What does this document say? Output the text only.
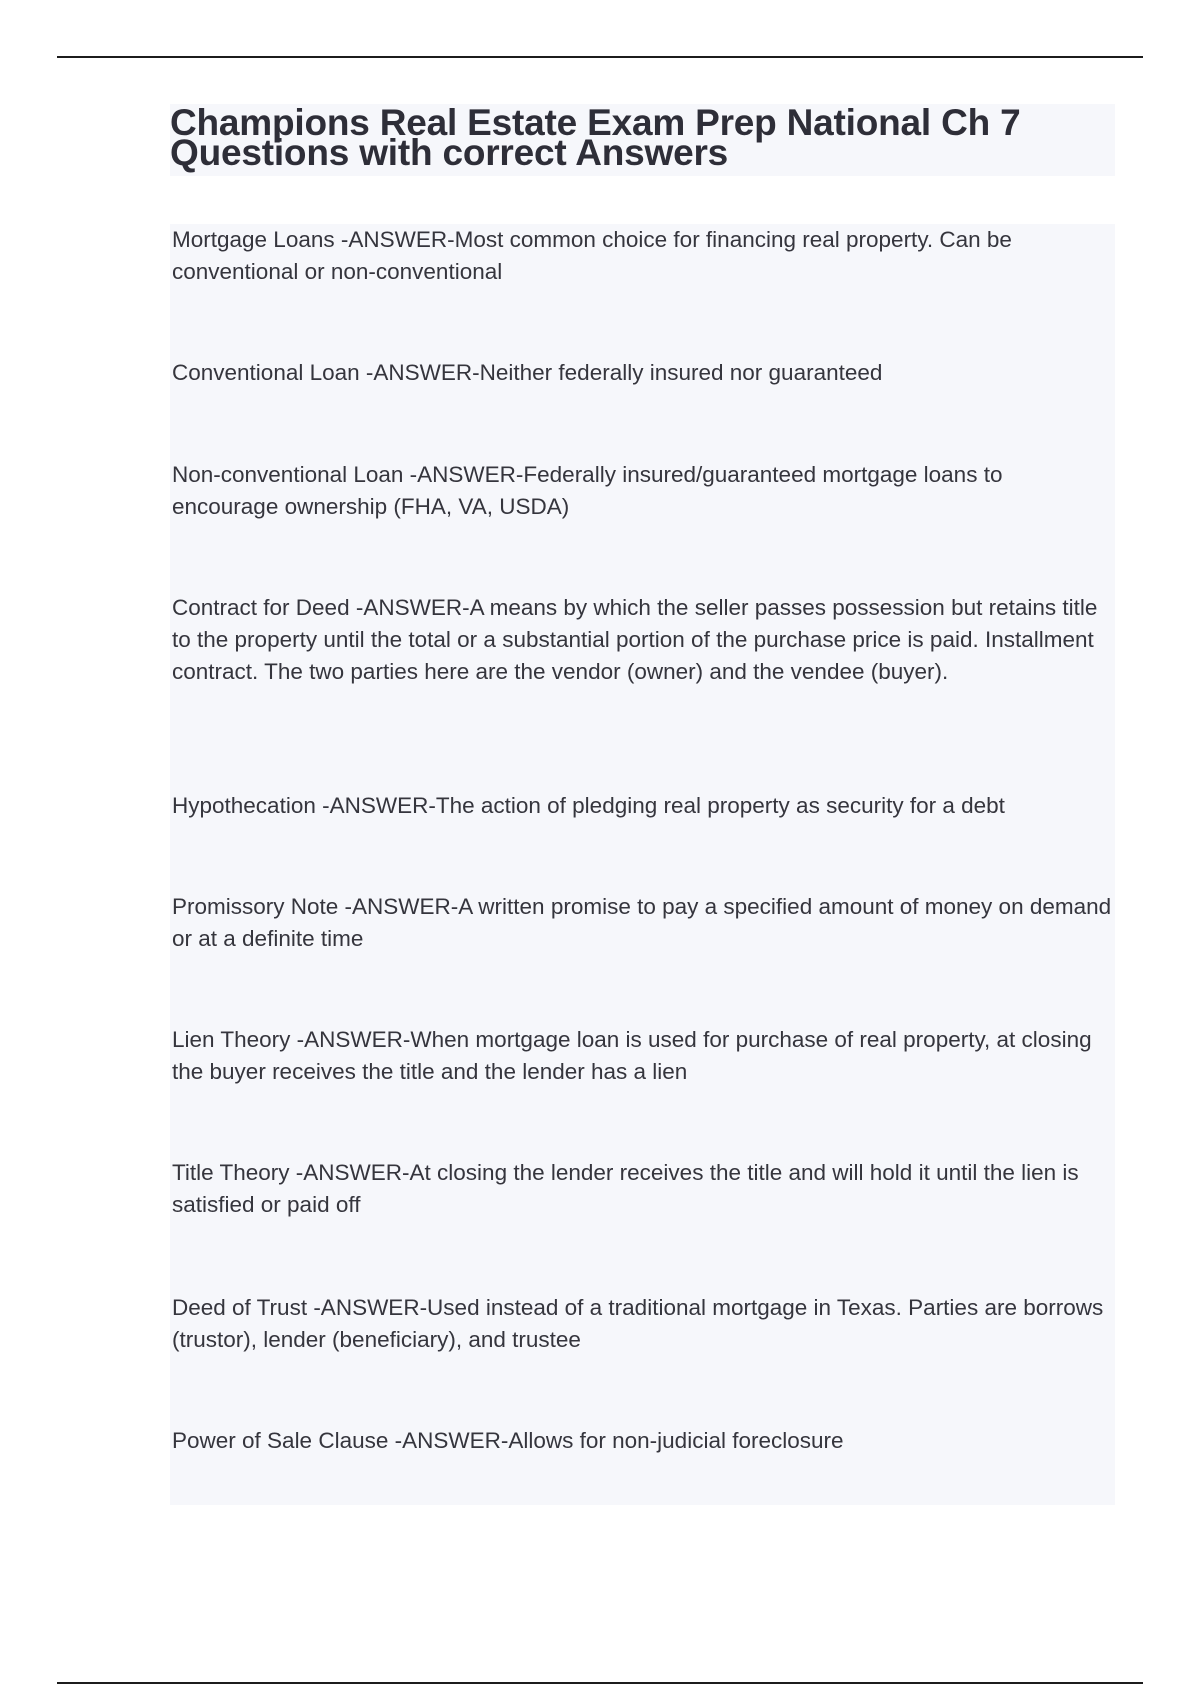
Champions Real Estate Exam Prep National Ch 7
Questions with correct Answers

Mortgage Loans -ANSWER-Most common choice for financing real property. Can be conventional or non-conventional

Conventional Loan -ANSWER-Neither federally insured nor guaranteed

Non-conventional Loan -ANSWER-Federally insured/guaranteed mortgage loans to encourage ownership (FHA, VA, USDA)

Contract for Deed -ANSWER-A means by which the seller passes possession but retains title to the property until the total or a substantial portion of the purchase price is paid. Installment contract. The two parties here are the vendor (owner) and the vendee (buyer).

Hypothecation -ANSWER-The action of pledging real property as security for a debt

Promissory Note -ANSWER-A written promise to pay a specified amount of money on demand or at a definite time

Lien Theory -ANSWER-When mortgage loan is used for purchase of real property, at closing the buyer receives the title and the lender has a lien

Title Theory -ANSWER-At closing the lender receives the title and will hold it until the lien is satisfied or paid off

Deed of Trust -ANSWER-Used instead of a traditional mortgage in Texas. Parties are borrows (trustor), lender (beneficiary), and trustee

Power of Sale Clause -ANSWER-Allows for non-judicial foreclosure
